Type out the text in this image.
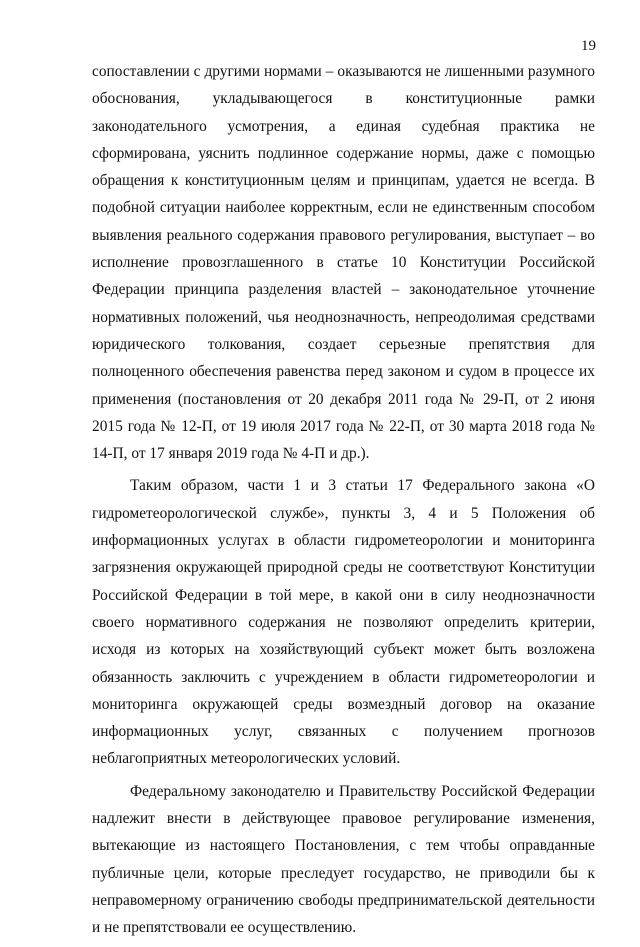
19

сопоставлении с другими нормами – оказываются не лишенными разумного обоснования, укладывающегося в конституционные рамки законодательного усмотрения, а единая судебная практика не сформирована, уяснить подлинное содержание нормы, даже с помощью обращения к конституционным целям и принципам, удается не всегда. В подобной ситуации наиболее корректным, если не единственным способом выявления реального содержания правового регулирования, выступает – во исполнение провозглашенного в статье 10 Конституции Российской Федерации принципа разделения властей – законодательное уточнение нормативных положений, чья неоднозначность, непреодолимая средствами юридического толкования, создает серьезные препятствия для полноценного обеспечения равенства перед законом и судом в процессе их применения (постановления от 20 декабря 2011 года № 29-П, от 2 июня 2015 года № 12-П, от 19 июля 2017 года № 22-П, от 30 марта 2018 года № 14-П, от 17 января 2019 года № 4-П и др.).

Таким образом, части 1 и 3 статьи 17 Федерального закона «О гидрометеорологической службе», пункты 3, 4 и 5 Положения об информационных услугах в области гидрометеорологии и мониторинга загрязнения окружающей природной среды не соответствуют Конституции Российской Федерации в той мере, в какой они в силу неоднозначности своего нормативного содержания не позволяют определить критерии, исходя из которых на хозяйствующий субъект может быть возложена обязанность заключить с учреждением в области гидрометеорологии и мониторинга окружающей среды возмездный договор на оказание информационных услуг, связанных с получением прогнозов неблагоприятных метеорологических условий.

Федеральному законодателю и Правительству Российской Федерации надлежит внести в действующее правовое регулирование изменения, вытекающие из настоящего Постановления, с тем чтобы оправданные публичные цели, которые преследует государство, не приводили бы к неправомерному ограничению свободы предпринимательской деятельности и не препятствовали ее осуществлению.
